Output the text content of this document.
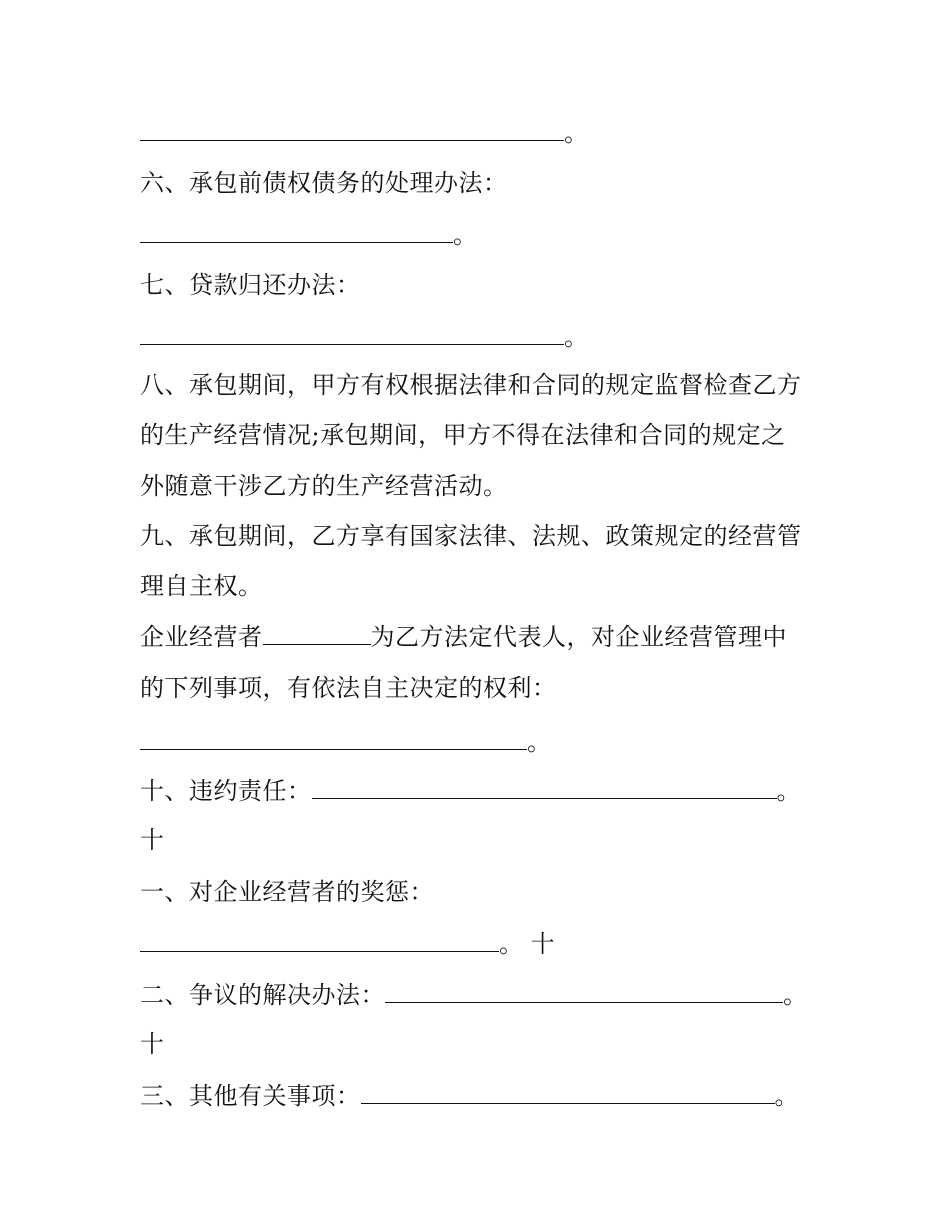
。
六、承包前债权债务的处理办法：
。
七、贷款归还办法：
。
八、承包期间，甲方有权根据法律和合同的规定监督检查乙方
的生产经营情况;承包期间，甲方不得在法律和合同的规定之
外随意干涉乙方的生产经营活动。
九、承包期间，乙方享有国家法律、法规、政策规定的经营管
理自主权。
企业经营者	为乙方法定代表人，对企业经营管理中
的下列事项，有依法自主决定的权利：
。
十、违约责任：	。
十
一、对企业经营者的奖惩：
。 十
二、争议的解决办法：	。
十
三、其他有关事项：	。
